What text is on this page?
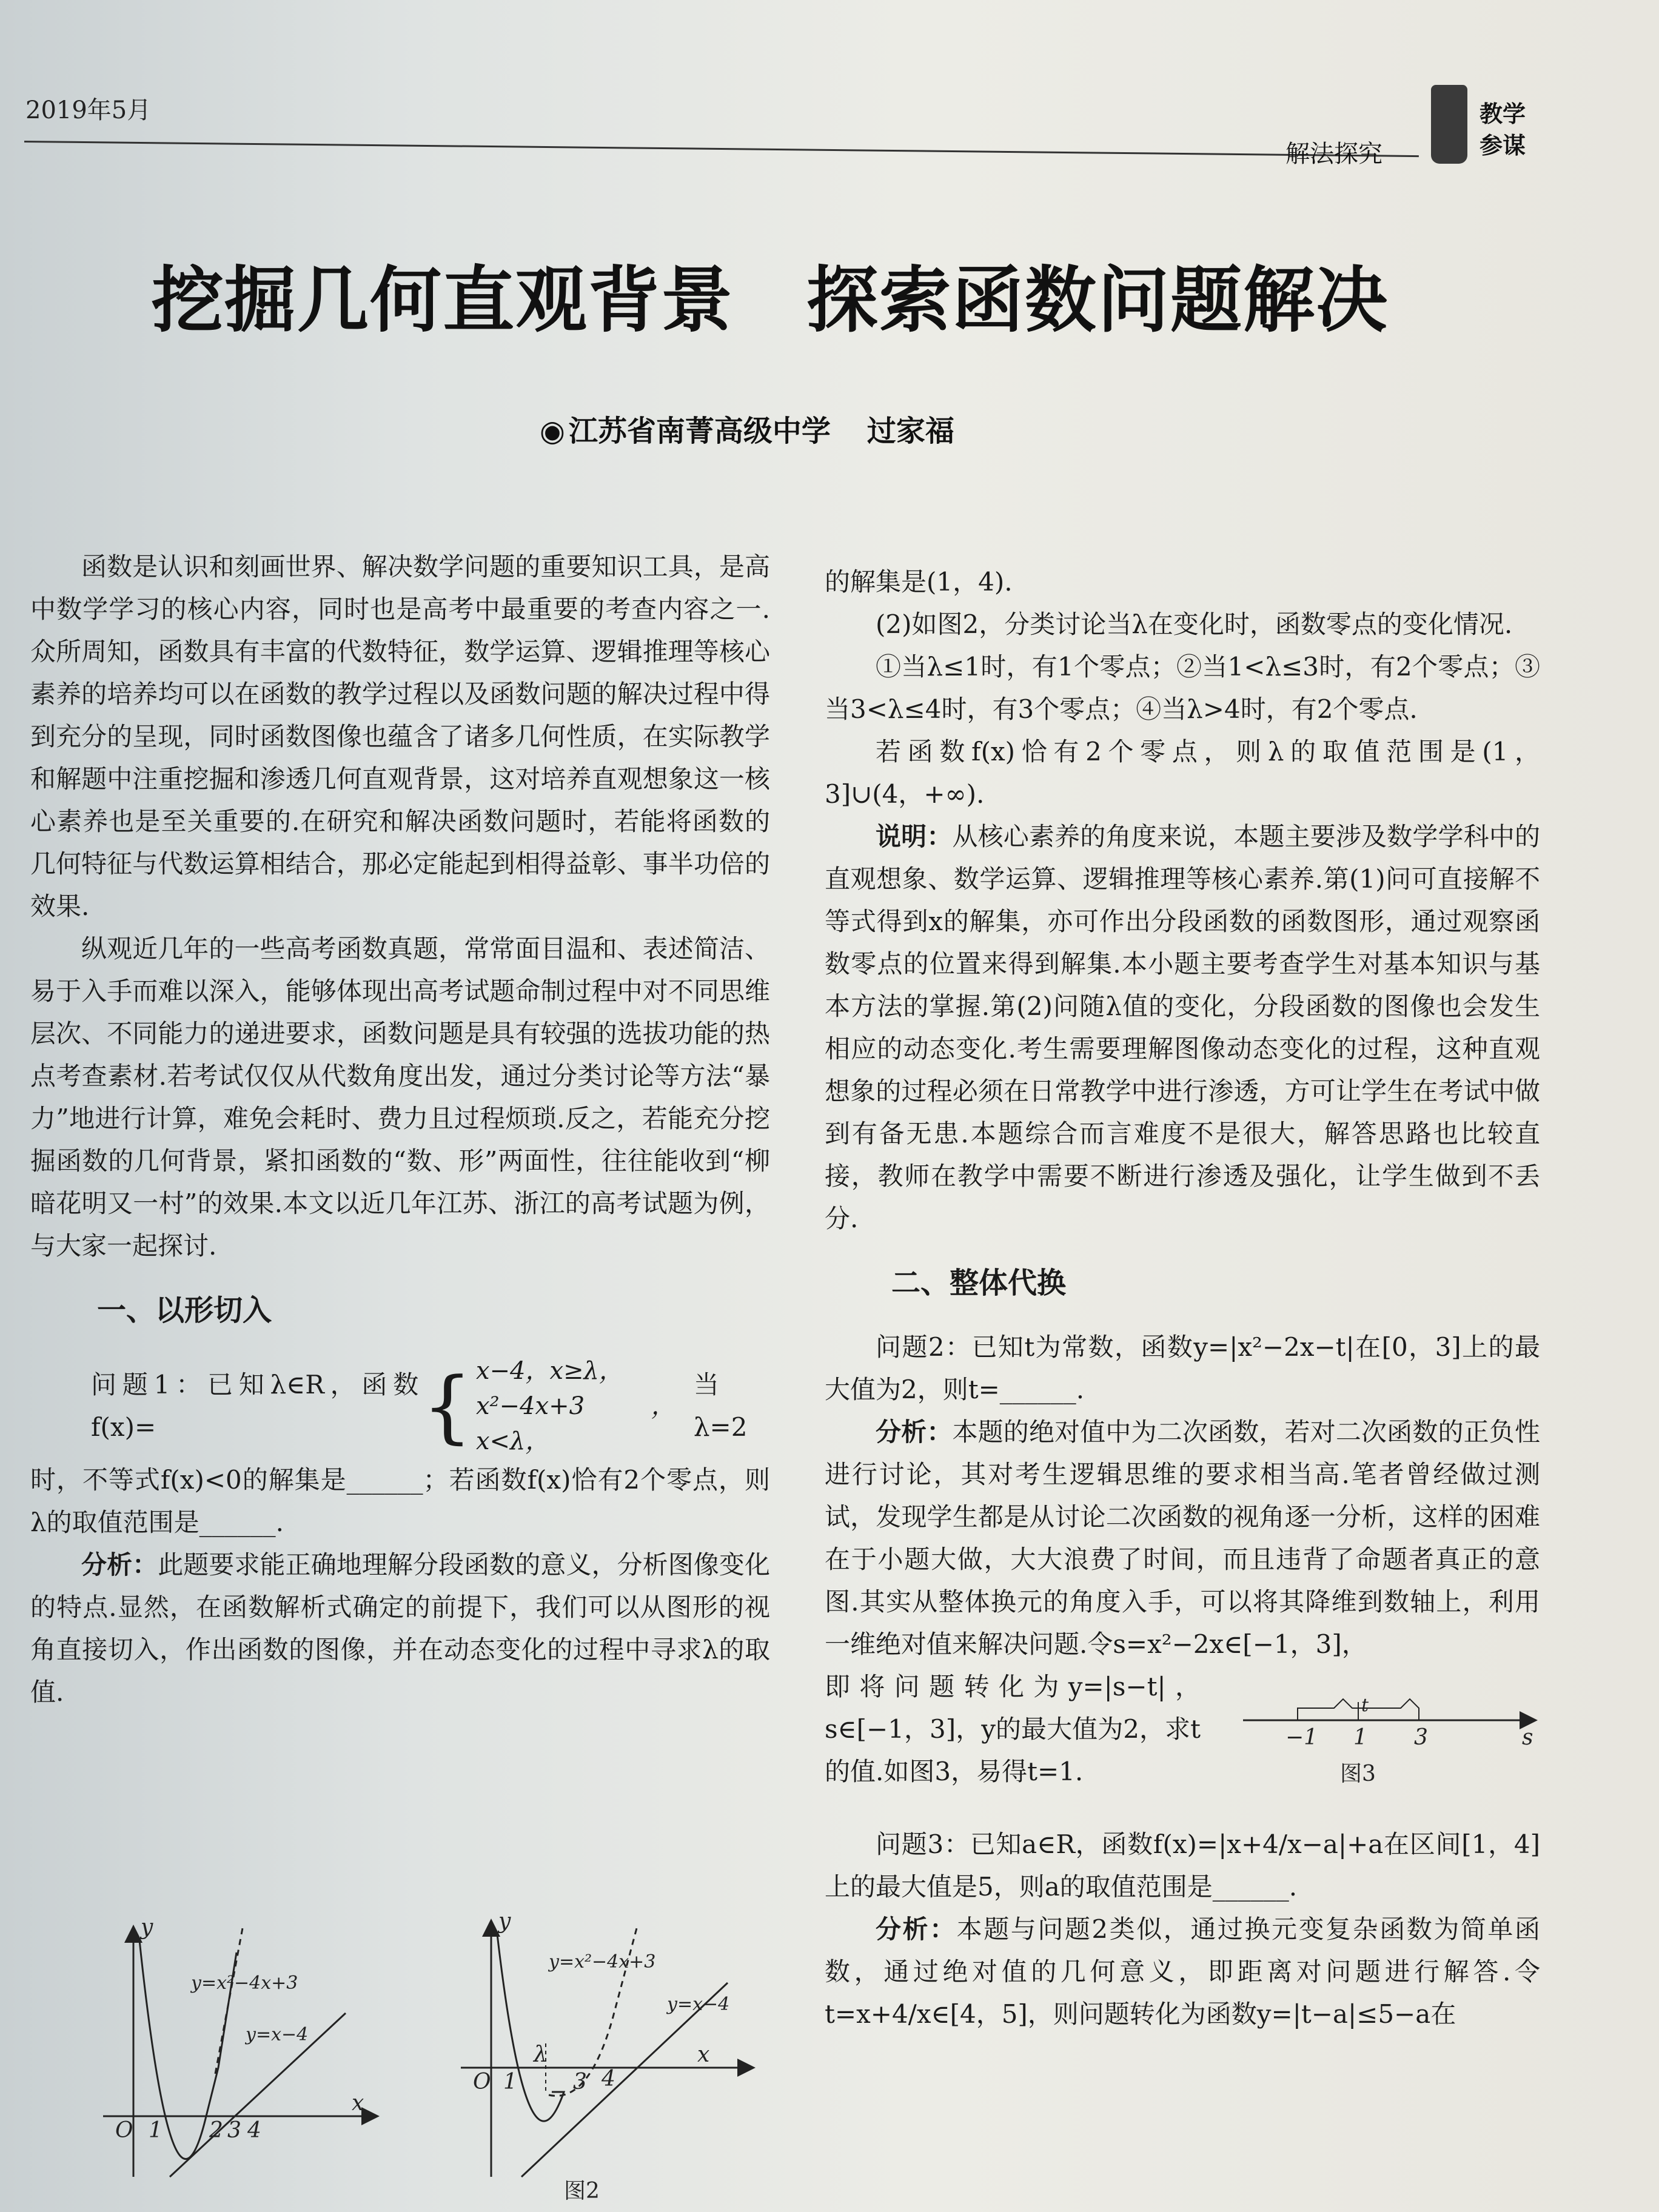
2019年5月
解法探究
教学
参谋
挖掘几何直观背景 探索函数问题解决
◉ 江苏省南菁高级中学 过家福

函数是认识和刻画世界、解决数学问题的重要知识工具，是高中数学学习的核心内容，同时也是高考中最重要的考查内容之一.众所周知，函数具有丰富的代数特征，数学运算、逻辑推理等核心素养的培养均可以在函数的教学过程以及函数问题的解决过程中得到充分的呈现，同时函数图像也蕴含了诸多几何性质，在实际教学和解题中注重挖掘和渗透几何直观背景，这对培养直观想象这一核心素养也是至关重要的.在研究和解决函数问题时，若能将函数的几何特征与代数运算相结合，那必定能起到相得益彰、事半功倍的效果.

纵观近几年的一些高考函数真题，常常面目温和、表述简洁、易于入手而难以深入，能够体现出高考试题命制过程中对不同思维层次、不同能力的递进要求，函数问题是具有较强的选拔功能的热点考查素材.若考试仅仅从代数角度出发，通过分类讨论等方法“暴力”地进行计算，难免会耗时、费力且过程烦琐.反之，若能充分挖掘函数的几何背景，紧扣函数的“数、形”两面性，往往能收到“柳暗花明又一村”的效果.本文以近几年江苏、浙江的高考试题为例，与大家一起探讨.

一、以形切入
问题1：已知λ∈R，函数f(x)=	{ x−4，x≥λ，
x²−4x+3，x<λ，
当λ=2

时，不等式f(x)<0的解集是______；若函数f(x)恰有2个零点，则λ的取值范围是______.

分析：此题要求能正确地理解分段函数的意义，分析图像变化的特点.显然，在函数解析式确定的前提下，我们可以从图形的视角直接切入，作出函数的图像，并在动态变化的过程中寻求λ的取值.

y
x
O 1 2 3 4
y=x²−4x+3
y=x−4
y
x
O 1	3 4
λ
y=x²−4x+3
y=x−4
图2

的解集是(1，4).

(2)如图2，分类讨论当λ在变化时，函数零点的变化情况.

①当λ≤1时，有1个零点；②当1<λ≤3时，有2个零点；③当3<λ≤4时，有3个零点；④当λ>4时，有2个零点.

若函数f(x)恰有2个零点，则λ的取值范围是(1，3]∪(4，+∞).

说明：从核心素养的角度来说，本题主要涉及数学学科中的直观想象、数学运算、逻辑推理等核心素养.第(1)问可直接解不等式得到x的解集，亦可作出分段函数的函数图形，通过观察函数零点的位置来得到解集.本小题主要考查学生对基本知识与基本方法的掌握.第(2)问随λ值的变化，分段函数的图像也会发生相应的动态变化.考生需要理解图像动态变化的过程，这种直观想象的过程必须在日常教学中进行渗透，方可让学生在考试中做到有备无患.本题综合而言难度不是很大，解答思路也比较直接，教师在教学中需要不断进行渗透及强化，让学生做到不丢分.

二、整体代换

问题2：已知t为常数，函数y=|x²−2x−t|在[0，3]上的最大值为2，则t=______.

分析：本题的绝对值中为二次函数，若对二次函数的正负性进行讨论，其对考生逻辑思维的要求相当高.笔者曾经做过测试，发现学生都是从讨论二次函数的视角逐一分析，这样的困难在于小题大做，大大浪费了时间，而且违背了命题者真正的意图.其实从整体换元的角度入手，可以将其降维到数轴上，利用一维绝对值来解决问题.令s=x²−2x∈[−1，3]，

即将问题转化为y=|s−t|，s∈[−1，3]，y的最大值为2，求t的值.如图3，易得t=1.

t
−1 1 3	s
图3

问题3：已知a∈R，函数f(x)=|x+4/x−a|+a在区间[1，4]上的最大值是5，则a的取值范围是______.

分析：本题与问题2类似，通过换元变复杂函数为简单函数，通过绝对值的几何意义，即距离对问题进行解答.令t=x+4/x∈[4，5]，则问题转化为函数y=|t−a|≤5−a在
